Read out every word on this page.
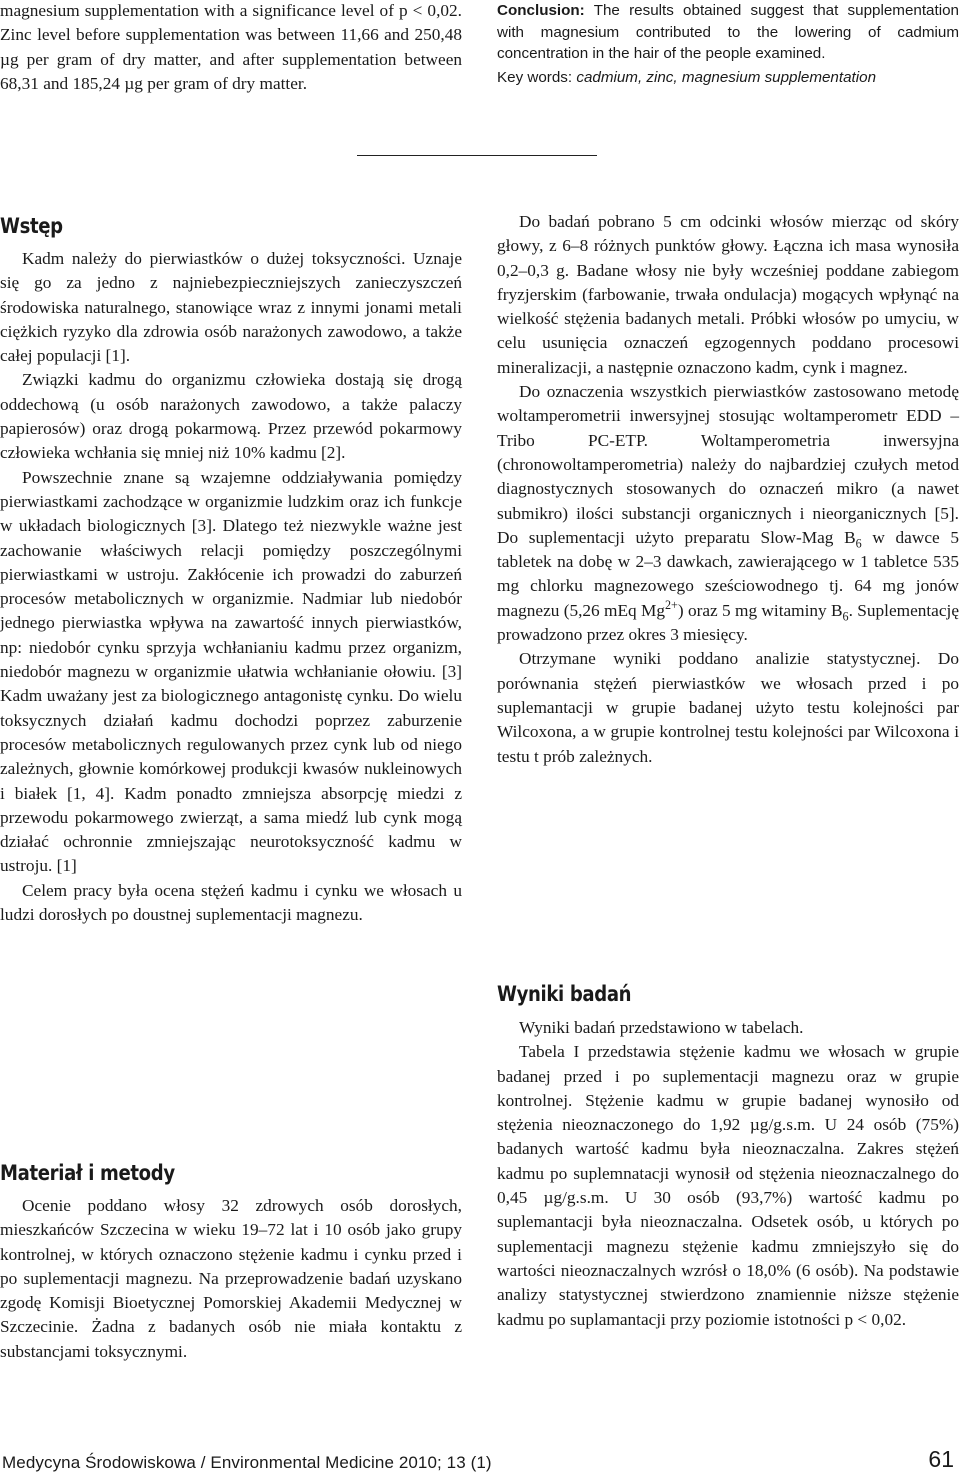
magnesium supplementation with a significance level of p < 0,02. Zinc level before supplementation was between 11,66 and 250,48 µg per gram of dry matter, and after supplementation between 68,31 and 185,24 µg per gram of dry matter.

Wstęp

Kadm należy do pierwiastków o dużej toksyczności. Uznaje się go za jedno z najniebezpieczniejszych zanieczyszczeń środowiska naturalnego, stanowiące wraz z innymi jonami metali ciężkich ryzyko dla zdrowia osób narażonych zawodowo, a także całej populacji [1].

Związki kadmu do organizmu człowieka dostają się drogą oddechową (u osób narażonych zawodowo, a także palaczy papierosów) oraz drogą pokarmową. Przez przewód pokarmowy człowieka wchłania się mniej niż 10% kadmu [2].

Powszechnie znane są wzajemne oddziaływania pomiędzy pierwiastkami zachodzące w organizmie ludzkim oraz ich funkcje w układach biologicznych [3]. Dlatego też niezwykle ważne jest zachowanie właściwych relacji pomiędzy poszczególnymi pierwiastkami w ustroju. Zakłócenie ich prowadzi do zaburzeń procesów metabolicznych w organizmie. Nadmiar lub niedobór jednego pierwiastka wpływa na zawartość innych pierwiastków, np: niedobór cynku sprzyja wchłanianiu kadmu przez organizm, niedobór magnezu w organizmie ułatwia wchłanianie ołowiu. [3] Kadm uważany jest za biologicznego antagonistę cynku. Do wielu toksycznych działań kadmu dochodzi poprzez zaburzenie procesów metabolicznych regulowanych przez cynk lub od niego zależnych, głownie komórkowej produkcji kwasów nukleinowych i białek [1, 4]. Kadm ponadto zmniejsza absorpcję miedzi z przewodu pokarmowego zwierząt, a sama miedź lub cynk mogą działać ochronnie zmniejszając neurotoksyczność kadmu w ustroju. [1]

Celem pracy była ocena stężeń kadmu i cynku we włosach u ludzi dorosłych po doustnej suplementacji magnezu.

Materiał i metody

Ocenie poddano włosy 32 zdrowych osób dorosłych, mieszkańców Szczecina w wieku 19–72 lat i 10 osób jako grupy kontrolnej, w których oznaczono stężenie kadmu i cynku przed i po suplementacji magnezu. Na przeprowadzenie badań uzyskano zgodę Komisji Bioetycznej Pomorskiej Akademii Medycznej w Szczecinie. Żadna z badanych osób nie miała kontaktu z substancjami toksycznymi.

Conclusion: The results obtained suggest that supplementation with magnesium contributed to the lowering of cadmium concentration in the hair of the people examined.

Key words: cadmium, zinc, magnesium supplementation

Do badań pobrano 5 cm odcinki włosów mierząc od skóry głowy, z 6–8 różnych punktów głowy. Łączna ich masa wynosiła 0,2–0,3 g. Badane włosy nie były wcześniej poddane zabiegom fryzjerskim (farbowanie, trwała ondulacja) mogących wpłynąć na wielkość stężenia badanych metali. Próbki włosów po umyciu, w celu usunięcia oznaczeń egzogennych poddano procesowi mineralizacji, a następnie oznaczono kadm, cynk i magnez.

Do oznaczenia wszystkich pierwiastków zastosowano metodę woltamperometrii inwersyjnej stosując woltamperometr EDD – Tribo PC-ETP. Woltamperometria inwersyjna (chronowoltamperometria) należy do najbardziej czułych metod diagnostycznych stosowanych do oznaczeń mikro (a nawet submikro) ilości substancji organicznych i nieorganicznych [5]. Do suplementacji użyto preparatu Slow-Mag $B_6$ w dawce 5 tabletek na dobę w 2–3 dawkach, zawierającego w 1 tabletce 535 mg chlorku magnezowego sześciowodnego tj. 64 mg jonów magnezu (5,26 mEq $Mg^{2+}$) oraz 5 mg witaminy $B_6$. Suplementację prowadzono przez okres 3 miesięcy.

Otrzymane wyniki poddano analizie statystycznej. Do porównania stężeń pierwiastków we włosach przed i po suplemantacji w grupie badanej użyto testu kolejności par Wilcoxona, a w grupie kontrolnej testu kolejności par Wilcoxona i testu t prób zależnych.

Wyniki badań

Wyniki badań przedstawiono w tabelach.

Tabela I przedstawia stężenie kadmu we włosach w grupie badanej przed i po suplementacji magnezu oraz w grupie kontrolnej. Stężenie kadmu w grupie badanej wynosiło od stężenia nieoznaczonego do 1,92 µg/g.s.m. U 24 osób (75%) badanych wartość kadmu była nieoznaczalna. Zakres stężeń kadmu po suplemnatacji wynosił od stężenia nieoznaczalnego do 0,45 µg/g.s.m. U 30 osób (93,7%) wartość kadmu po suplemantacji była nieoznaczalna. Odsetek osób, u których po suplementacji magnezu stężenie kadmu zmniejszyło się do wartości nieoznaczalnych wzrósł o 18,0% (6 osób). Na podstawie analizy statystycznej stwierdzono znamiennie niższe stężenie kadmu po suplamantacji przy poziomie istotności p < 0,02.

Medycyna Środowiskowa / Environmental Medicine 2010; 13 (1)	61
